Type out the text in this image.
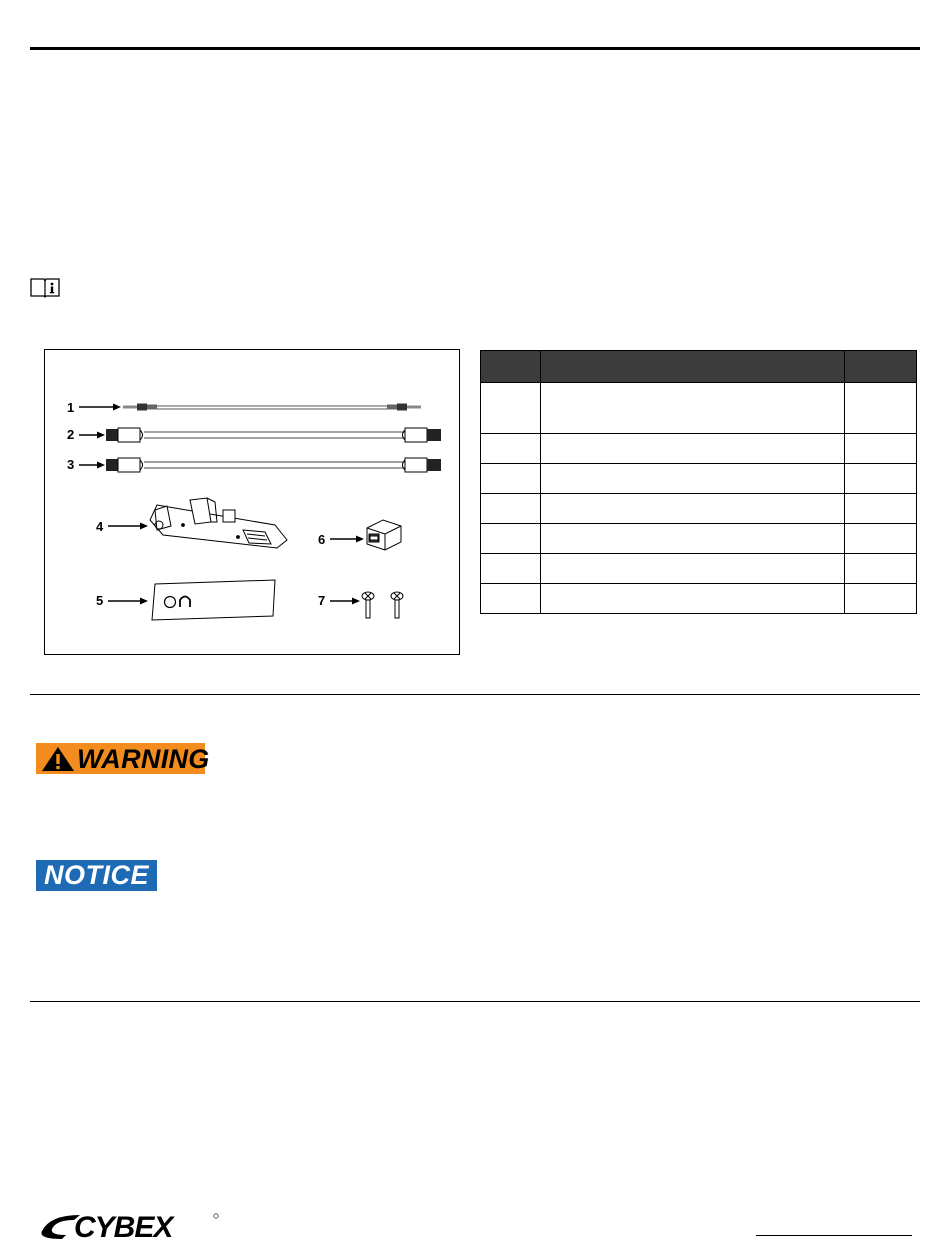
1
2
3
4
6
5	7

WARNING
NOTICE
CYBEX
